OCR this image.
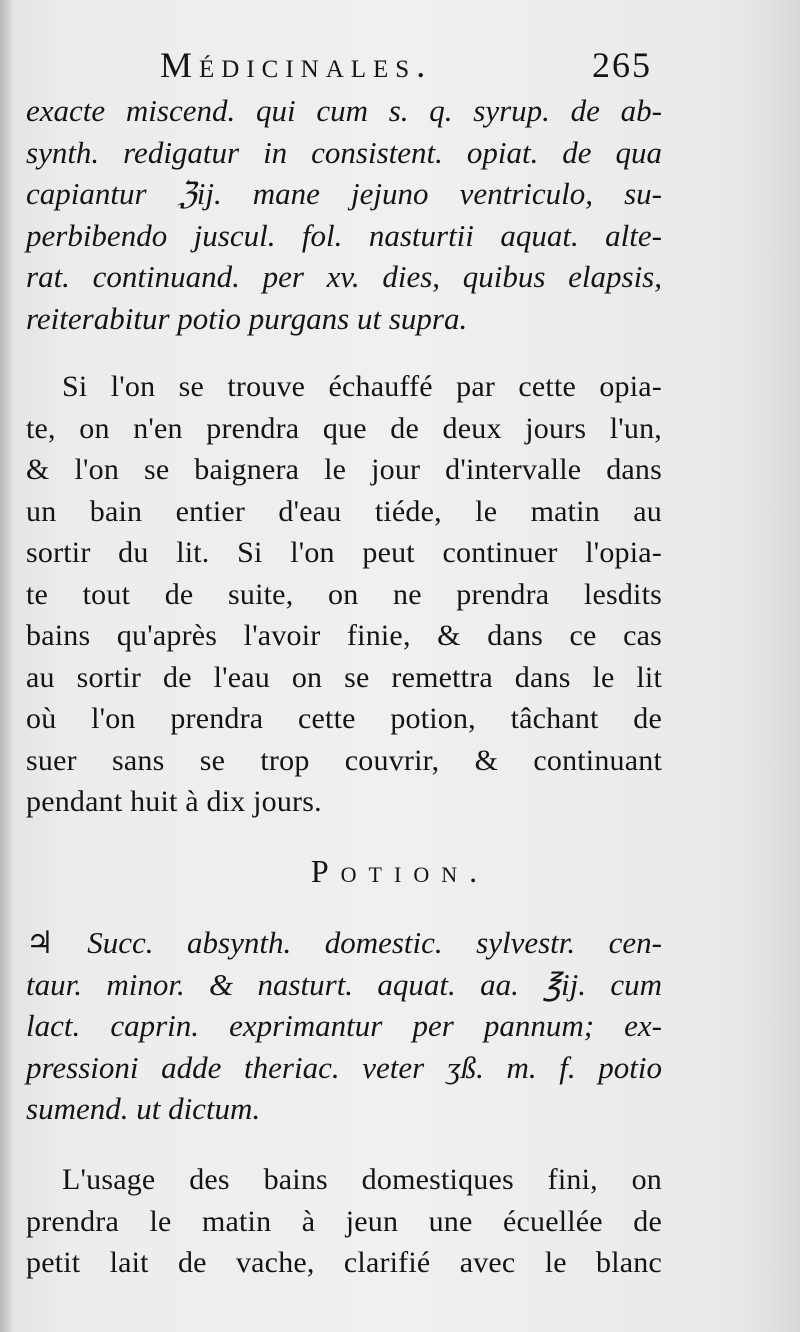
Médicinales.	265
exacte miscend. qui cum s. q. syrup. de ab-
synth. redigatur in consistent. opiat. de qua
capiantur ℨij. mane jejuno ventriculo, su-
perbibendo juscul. fol. nasturtii aquat. alte-
rat. continuand. per xv. dies, quibus elapsis,
reiterabitur potio purgans ut supra.
Si l'on se trouve échauffé par cette opia-
te, on n'en prendra que de deux jours l'un,
& l'on se baignera le jour d'intervalle dans
un bain entier d'eau tiéde, le matin au
sortir du lit. Si l'on peut continuer l'opia-
te tout de suite, on ne prendra lesdits
bains qu'après l'avoir finie, & dans ce cas
au sortir de l'eau on se remettra dans le lit
où l'on prendra cette potion, tâchant de
suer sans se trop couvrir, & continuant
pendant huit à dix jours.
Potion.
♃ Succ. absynth. domestic. sylvestr. cen-
taur. minor. & nasturt. aquat. aa. ℥ij. cum
lact. caprin. exprimantur per pannum; ex-
pressioni adde theriac. veter ʒß. m. f. potio
sumend. ut dictum.
L'usage des bains domestiques fini, on
prendra le matin à jeun une écuellée de
petit lait de vache, clarifié avec le blanc
